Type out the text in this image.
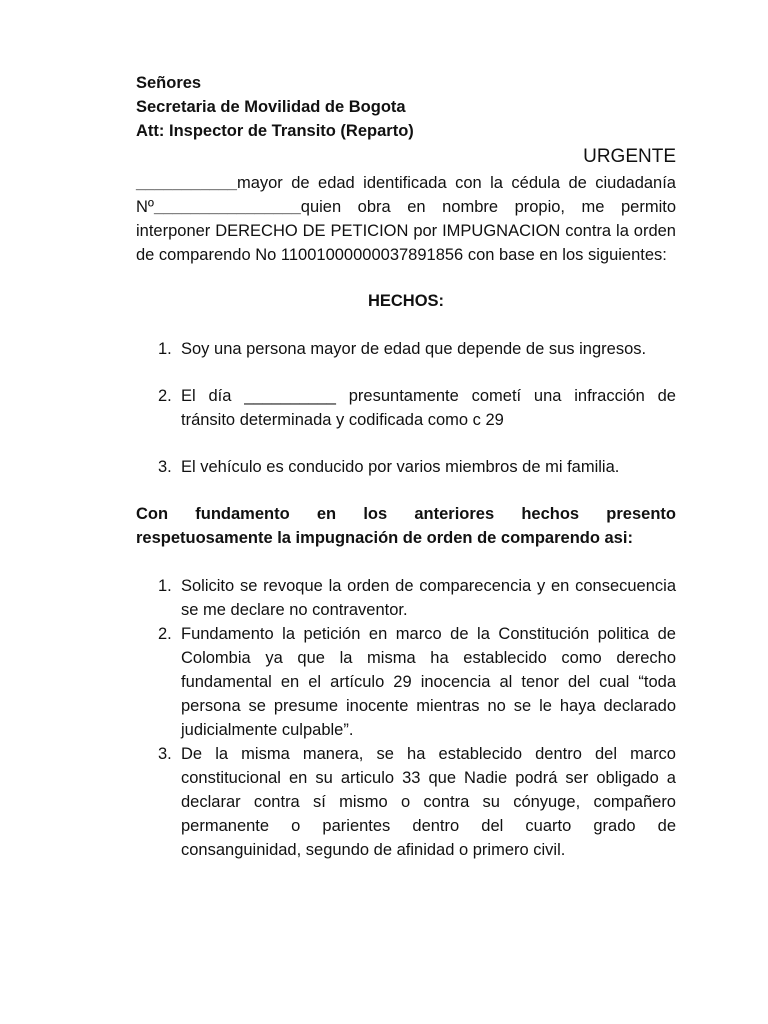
Señores
Secretaria de Movilidad de Bogota
Att: Inspector de Transito (Reparto)
URGENTE
___________mayor de edad identificada con la cédula de ciudadanía Nº________________quien obra en nombre propio, me permito interponer DERECHO DE PETICION por IMPUGNACION contra la orden de comparendo No 11001000000037891856 con base en los siguientes:
HECHOS:
1. Soy una persona mayor de edad que depende de sus ingresos.
2. El día __________ presuntamente cometí una infracción de tránsito determinada y codificada como c 29
3. El vehículo es conducido por varios miembros de mi familia.
Con fundamento en los anteriores hechos presento respetuosamente la impugnación de orden de comparendo asi:
1. Solicito se revoque la orden de comparecencia y en consecuencia se me declare no contraventor.
2. Fundamento la petición en marco de la Constitución politica de Colombia ya que la misma ha establecido como derecho fundamental en el artículo 29 inocencia al tenor del cual “toda persona se presume inocente mientras no se le haya declarado judicialmente culpable”.
3. De la misma manera, se ha establecido dentro del marco constitucional en su articulo 33 que Nadie podrá ser obligado a declarar contra sí mismo o contra su cónyuge, compañero permanente o parientes dentro del cuarto grado de consanguinidad, segundo de afinidad o primero civil.
